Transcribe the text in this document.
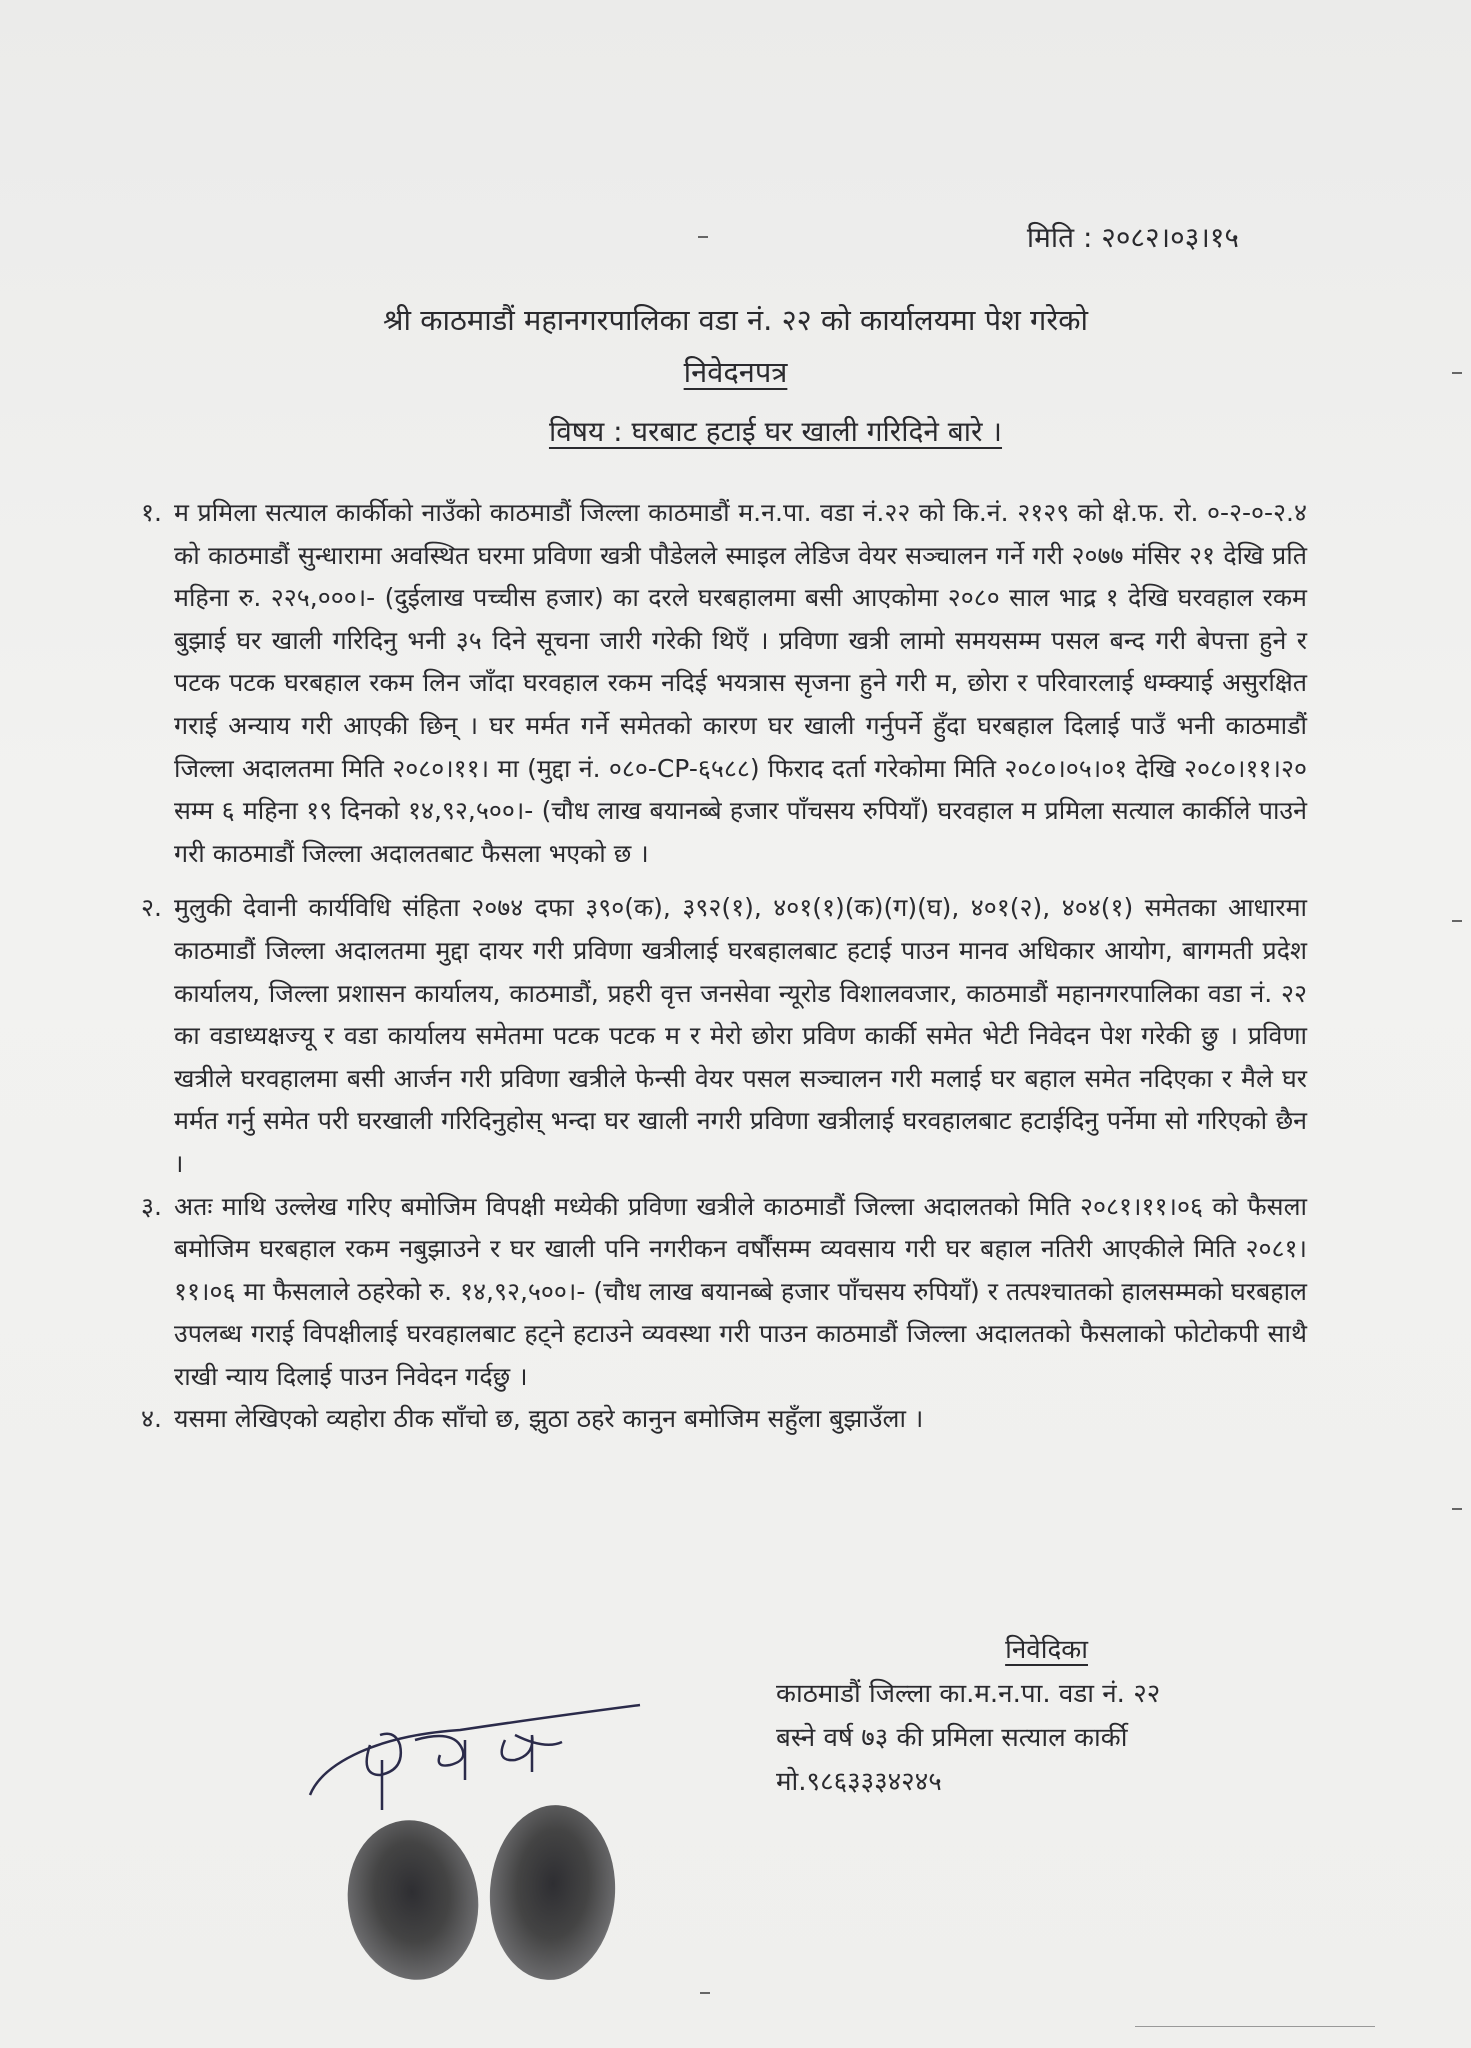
मिति : २०८२।०३।१५
श्री काठमाडौं महानगरपालिका वडा नं. २२ को कार्यालयमा पेश गरेको
निवेदनपत्र
विषय : घरबाट हटाई घर खाली गरिदिने बारे ।
१. म प्रमिला सत्याल कार्कीको नाउँको काठमाडौं जिल्ला काठमाडौं म.न.पा. वडा नं.२२ को कि.नं. २१२९ को क्षे.फ. रो. ०-२-०-२.४ को काठमाडौं सुन्धारामा अवस्थित घरमा प्रविणा खत्री पौडेलले स्माइल लेडिज वेयर सञ्चालन गर्ने गरी २०७७ मंसिर २१ देखि प्रति महिना रु. २२५,०००।- (दुईलाख पच्चीस हजार) का दरले घरबहालमा बसी आएकोमा २०८० साल भाद्र १ देखि घरवहाल रकम बुझाई घर खाली गरिदिनु भनी ३५ दिने सूचना जारी गरेकी थिएँ । प्रविणा खत्री लामो समयसम्म पसल बन्द गरी बेपत्ता हुने र पटक पटक घरबहाल रकम लिन जाँदा घरवहाल रकम नदिई भयत्रास सृजना हुने गरी म, छोरा र परिवारलाई धम्क्याई असुरक्षित गराई अन्याय गरी आएकी छिन् । घर मर्मत गर्ने समेतको कारण घर खाली गर्नुपर्ने हुँदा घरबहाल दिलाई पाउँ भनी काठमाडौं जिल्ला अदालतमा मिति २०८०।११। मा (मुद्दा नं. ०८०-CP-६५८८) फिराद दर्ता गरेकोमा मिति २०८०।०५।०१ देखि २०८०।११।२० सम्म ६ महिना १९ दिनको १४,९२,५००।- (चौध लाख बयानब्बे हजार पाँचसय रुपियाँ) घरवहाल म प्रमिला सत्याल कार्कीले पाउने गरी काठमाडौं जिल्ला अदालतबाट फैसला भएको छ ।
२. मुलुकी देवानी कार्यविधि संहिता २०७४ दफा ३९०(क), ३९२(१), ४०१(१)(क)(ग)(घ), ४०१(२), ४०४(१) समेतका आधारमा काठमाडौं जिल्ला अदालतमा मुद्दा दायर गरी प्रविणा खत्रीलाई घरबहालबाट हटाई पाउन मानव अधिकार आयोग, बागमती प्रदेश कार्यालय, जिल्ला प्रशासन कार्यालय, काठमाडौं, प्रहरी वृत्त जनसेवा न्यूरोड विशालवजार, काठमाडौं महानगरपालिका वडा नं. २२ का वडाध्यक्षज्यू र वडा कार्यालय समेतमा पटक पटक म र मेरो छोरा प्रविण कार्की समेत भेटी निवेदन पेश गरेकी छु । प्रविणा खत्रीले घरवहालमा बसी आर्जन गरी प्रविणा खत्रीले फेन्सी वेयर पसल सञ्चालन गरी मलाई घर बहाल समेत नदिएका र मैले घर मर्मत गर्नु समेत परी घरखाली गरिदिनुहोस् भन्दा घर खाली नगरी प्रविणा खत्रीलाई घरवहालबाट हटाईदिनु पर्नेमा सो गरिएको छैन ।
३. अतः माथि उल्लेख गरिए बमोजिम विपक्षी मध्येकी प्रविणा खत्रीले काठमाडौं जिल्ला अदालतको मिति २०८१।११।०६ को फैसला बमोजिम घरबहाल रकम नबुझाउने र घर खाली पनि नगरीकन वर्षौंसम्म व्यवसाय गरी घर बहाल नतिरी आएकीले मिति २०८१।११।०६ मा फैसलाले ठहरेको रु. १४,९२,५००।- (चौध लाख बयानब्बे हजार पाँचसय रुपियाँ) र तत्पश्चातको हालसम्मको घरबहाल उपलब्ध गराई विपक्षीलाई घरवहालबाट हट्ने हटाउने व्यवस्था गरी पाउन काठमाडौं जिल्ला अदालतको फैसलाको फोटोकपी साथै राखी न्याय दिलाई पाउन निवेदन गर्दछु ।
४. यसमा लेखिएको व्यहोरा ठीक साँचो छ, झुठा ठहरे कानुन बमोजिम सहुँला बुझाउँला ।
निवेदिका
काठमाडौं जिल्ला का.म.न.पा. वडा नं. २२
बस्ने वर्ष ७३ की प्रमिला सत्याल कार्की
मो.९८६३३३४२४५
